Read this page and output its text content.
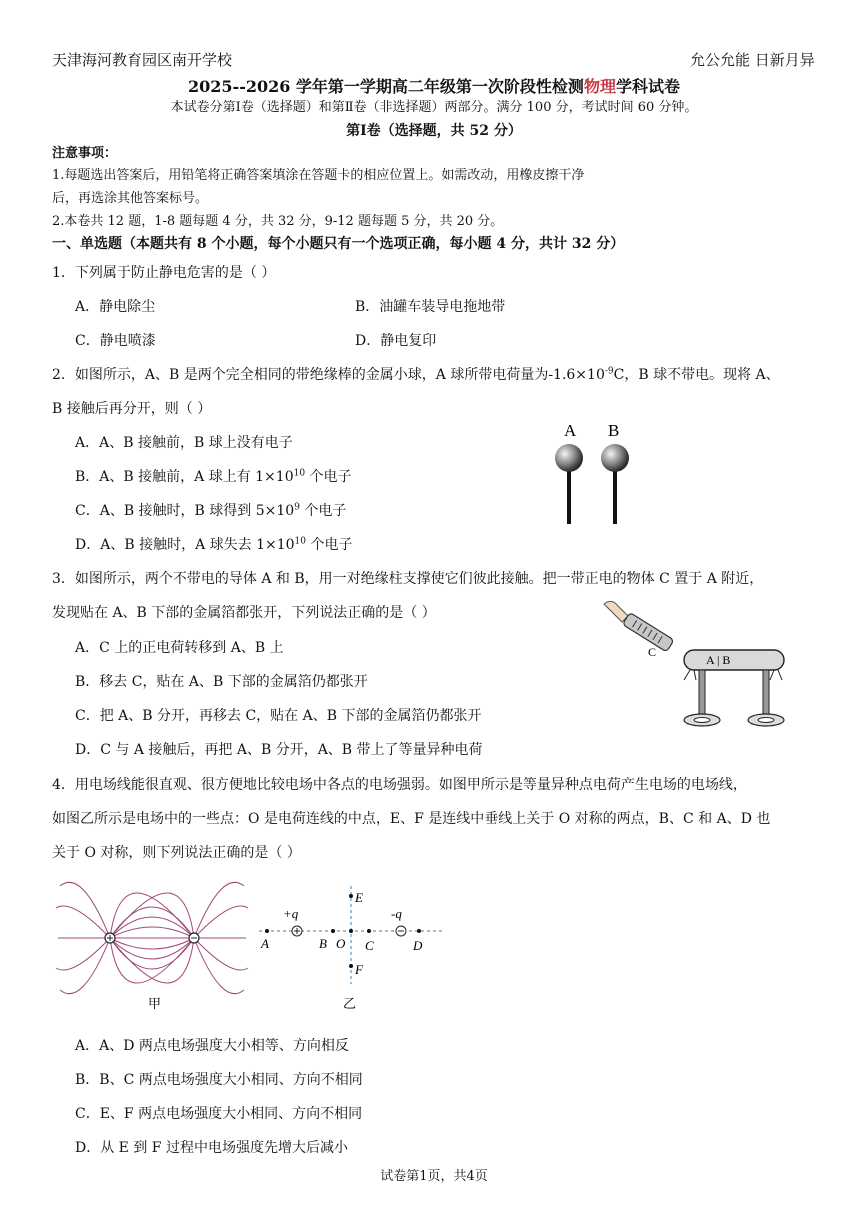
天津海河教育园区南开学校	允公允能 日新月异
2025--2026 学年第一学期高二年级第一次阶段性检测物理学科试卷
本试卷分第Ⅰ卷（选择题）和第Ⅱ卷（非选择题）两部分。满分 100 分，考试时间 60 分钟。
第Ⅰ卷（选择题，共 52 分）
注意事项：
1.每题选出答案后，用铅笔将正确答案填涂在答题卡的相应位置上。如需改动，用橡皮擦干净
后，再选涂其他答案标号。
2.本卷共 12 题，1-8 题每题 4 分，共 32 分，9-12 题每题 5 分，共 20 分。
一、单选题（本题共有 8 个小题，每个小题只有一个选项正确，每小题 4 分，共计 32 分）
1．下列属于防止静电危害的是（ ）
A．静电除尘	B．油罐车装导电拖地带
C．静电喷漆	D．静电复印
2．如图所示，A、B 是两个完全相同的带绝缘棒的金属小球，A 球所带电荷量为$-1.6\times 10^{-9}C$，B 球不带电。现将 A、
B 接触后再分开，则（ ）
A．A、B 接触前，B 球上没有电子
B．A、B 接触前，A 球上有 $1\times 10^{10}$ 个电子
C．A、B 接触时，B 球得到 $5\times 10^9$ 个电子
D．A、B 接触时，A 球失去 $1\times 10^{10}$ 个电子
A B
3．如图所示，两个不带电的导体 A 和 B，用一对绝缘柱支撑使它们彼此接触。把一带正电的物体 C 置于 A 附近，
发现贴在 A、B 下部的金属箔都张开，下列说法正确的是（ ）
A．C 上的正电荷转移到 A、B 上
B．移去 C，贴在 A、B 下部的金属箔仍都张开
C．把 A、B 分开，再移去 C，贴在 A、B 下部的金属箔仍都张开
D．C 与 A 接触后，再把 A、B 分开，A、B 带上了等量异种电荷
C
A | B
4．用电场线能很直观、很方便地比较电场中各点的电场强弱。如图甲所示是等量异种点电荷产生电场的电场线，
如图乙所示是电场中的一些点：O 是电荷连线的中点，E、F 是连线中垂线上关于 O 对称的两点，B、C 和 A、D 也
关于 O 对称，则下列说法正确的是（ ）
甲
+q	-q
A	B O C	D
E
F
乙
A．A、D 两点电场强度大小相等、方向相反
B．B、C 两点电场强度大小相同、方向不相同
C．E、F 两点电场强度大小相同、方向不相同
D．从 E 到 F 过程中电场强度先增大后减小
试卷第1页，共4页
